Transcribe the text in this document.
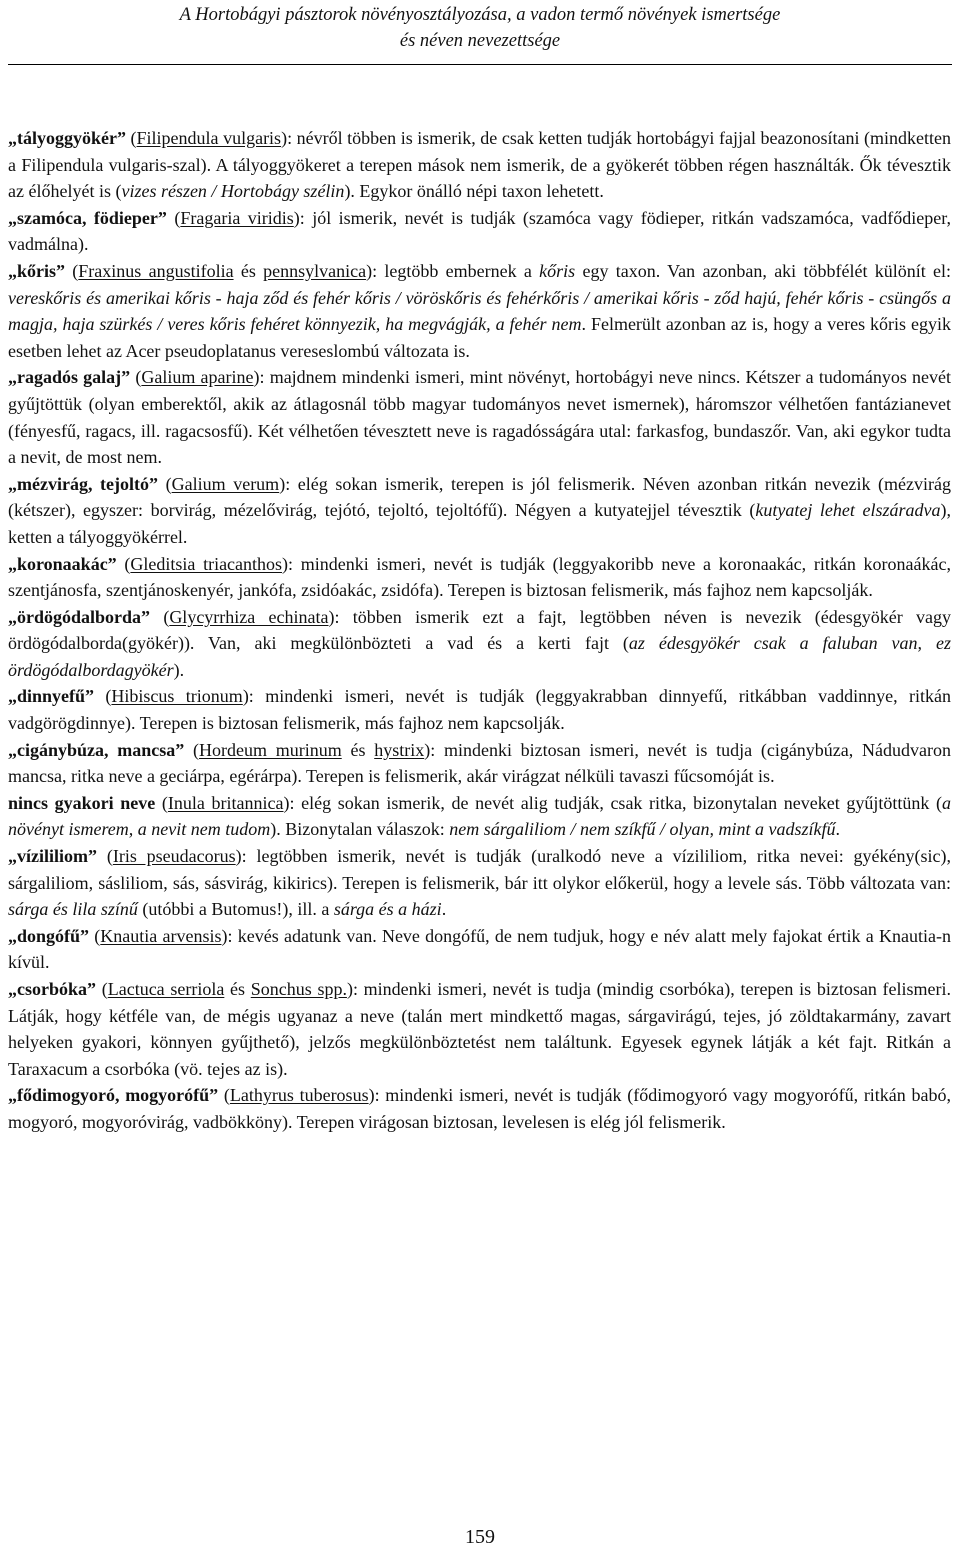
A Hortobágyi pásztorok növényosztályozása, a vadon termő növények ismertsége
és néven nevezettsége

„tályoggyökér” (Filipendula vulgaris): névről többen is ismerik, de csak ketten tudják hortobágyi fajjal beazonosítani (mindketten a Filipendula vulgaris-szal). A tályoggyökeret a terepen mások nem ismerik, de a gyökerét többen régen használták. Ők tévesztik az élőhelyét is (vizes részen / Hortobágy szélin). Egykor önálló népi taxon lehetett.

„szamóca, födieper” (Fragaria viridis): jól ismerik, nevét is tudják (szamóca vagy födieper, ritkán vadszamóca, vadfődieper, vadmálna).

„kőris” (Fraxinus angustifolia és pennsylvanica): legtöbb embernek a kőris egy taxon. Van azonban, aki többfélét különít el: vereskőris és amerikai kőris - haja ződ és fehér kőris / vöröskőris és fehérkőris / amerikai kőris - ződ hajú, fehér kőris - csüngős a magja, haja szürkés / veres kőris fehéret könnyezik, ha megvágják, a fehér nem. Felmerült azonban az is, hogy a veres kőris egyik esetben lehet az Acer pseudoplatanus vereseslombú változata is.

„ragadós galaj” (Galium aparine): majdnem mindenki ismeri, mint növényt, hortobágyi neve nincs. Kétszer a tudományos nevét gyűjtöttük (olyan emberektől, akik az átlagosnál több magyar tudományos nevet ismernek), háromszor vélhetően fantázianevet (fényesfű, ragacs, ill. ragacsosfű). Két vélhetően tévesztett neve is ragadósságára utal: farkasfog, bundaszőr. Van, aki egykor tudta a nevit, de most nem.

„mézvirág, tejoltó” (Galium verum): elég sokan ismerik, terepen is jól felismerik. Néven azonban ritkán nevezik (mézvirág (kétszer), egyszer: borvirág, mézelővirág, tejótó, tejoltó, tejoltófű). Négyen a kutyatejjel tévesztik (kutyatej lehet elszáradva), ketten a tályoggyökérrel.

„koronaakác” (Gleditsia triacanthos): mindenki ismeri, nevét is tudják (leggyakoribb neve a koronaakác, ritkán koronaákác, szentjánosfa, szentjánoskenyér, jankófa, zsidóakác, zsidófa). Terepen is biztosan felismerik, más fajhoz nem kapcsolják.

„ördögódalborda” (Glycyrrhiza echinata): többen ismerik ezt a fajt, legtöbben néven is nevezik (édesgyökér vagy ördögódalborda(gyökér)). Van, aki megkülönbözteti a vad és a kerti fajt (az édesgyökér csak a faluban van, ez ördögódalbordagyökér).

„dinnyefű” (Hibiscus trionum): mindenki ismeri, nevét is tudják (leggyakrabban dinnyefű, ritkábban vaddinnye, ritkán vadgörögdinnye). Terepen is biztosan felismerik, más fajhoz nem kapcsolják.

„cigánybúza, mancsa” (Hordeum murinum és hystrix): mindenki biztosan ismeri, nevét is tudja (cigánybúza, Nádudvaron mancsa, ritka neve a geciárpa, egérárpa). Terepen is felismerik, akár virágzat nélküli tavaszi fűcsomóját is.

nincs gyakori neve (Inula britannica): elég sokan ismerik, de nevét alig tudják, csak ritka, bizonytalan neveket gyűjtöttünk (a növényt ismerem, a nevit nem tudom). Bizonytalan válaszok: nem sárgaliliom / nem szíkfű / olyan, mint a vadszíkfű.

„vízililiom” (Iris pseudacorus): legtöbben ismerik, nevét is tudják (uralkodó neve a vízililiom, ritka nevei: gyékény(sic), sárgaliliom, sásliliom, sás, sásvirág, kikirics). Terepen is felismerik, bár itt olykor előkerül, hogy a levele sás. Több változata van: sárga és lila színű (utóbbi a Butomus!), ill. a sárga és a házi.

„dongófű” (Knautia arvensis): kevés adatunk van. Neve dongófű, de nem tudjuk, hogy e név alatt mely fajokat értik a Knautia-n kívül.

„csorbóka” (Lactuca serriola és Sonchus spp.): mindenki ismeri, nevét is tudja (mindig csorbóka), terepen is biztosan felismeri. Látják, hogy kétféle van, de mégis ugyanaz a neve (talán mert mindkettő magas, sárgavirágú, tejes, jó zöldtakarmány, zavart helyeken gyakori, könnyen gyűjthető), jelzős megkülönböztetést nem találtunk. Egyesek egynek látják a két fajt. Ritkán a Taraxacum a csorbóka (vö. tejes az is).

„fődimogyoró, mogyorófű” (Lathyrus tuberosus): mindenki ismeri, nevét is tudják (fődimogyoró vagy mogyorófű, ritkán babó, mogyoró, mogyoróvirág, vadbökköny). Terepen virágosan biztosan, levelesen is elég jól felismerik.

159
